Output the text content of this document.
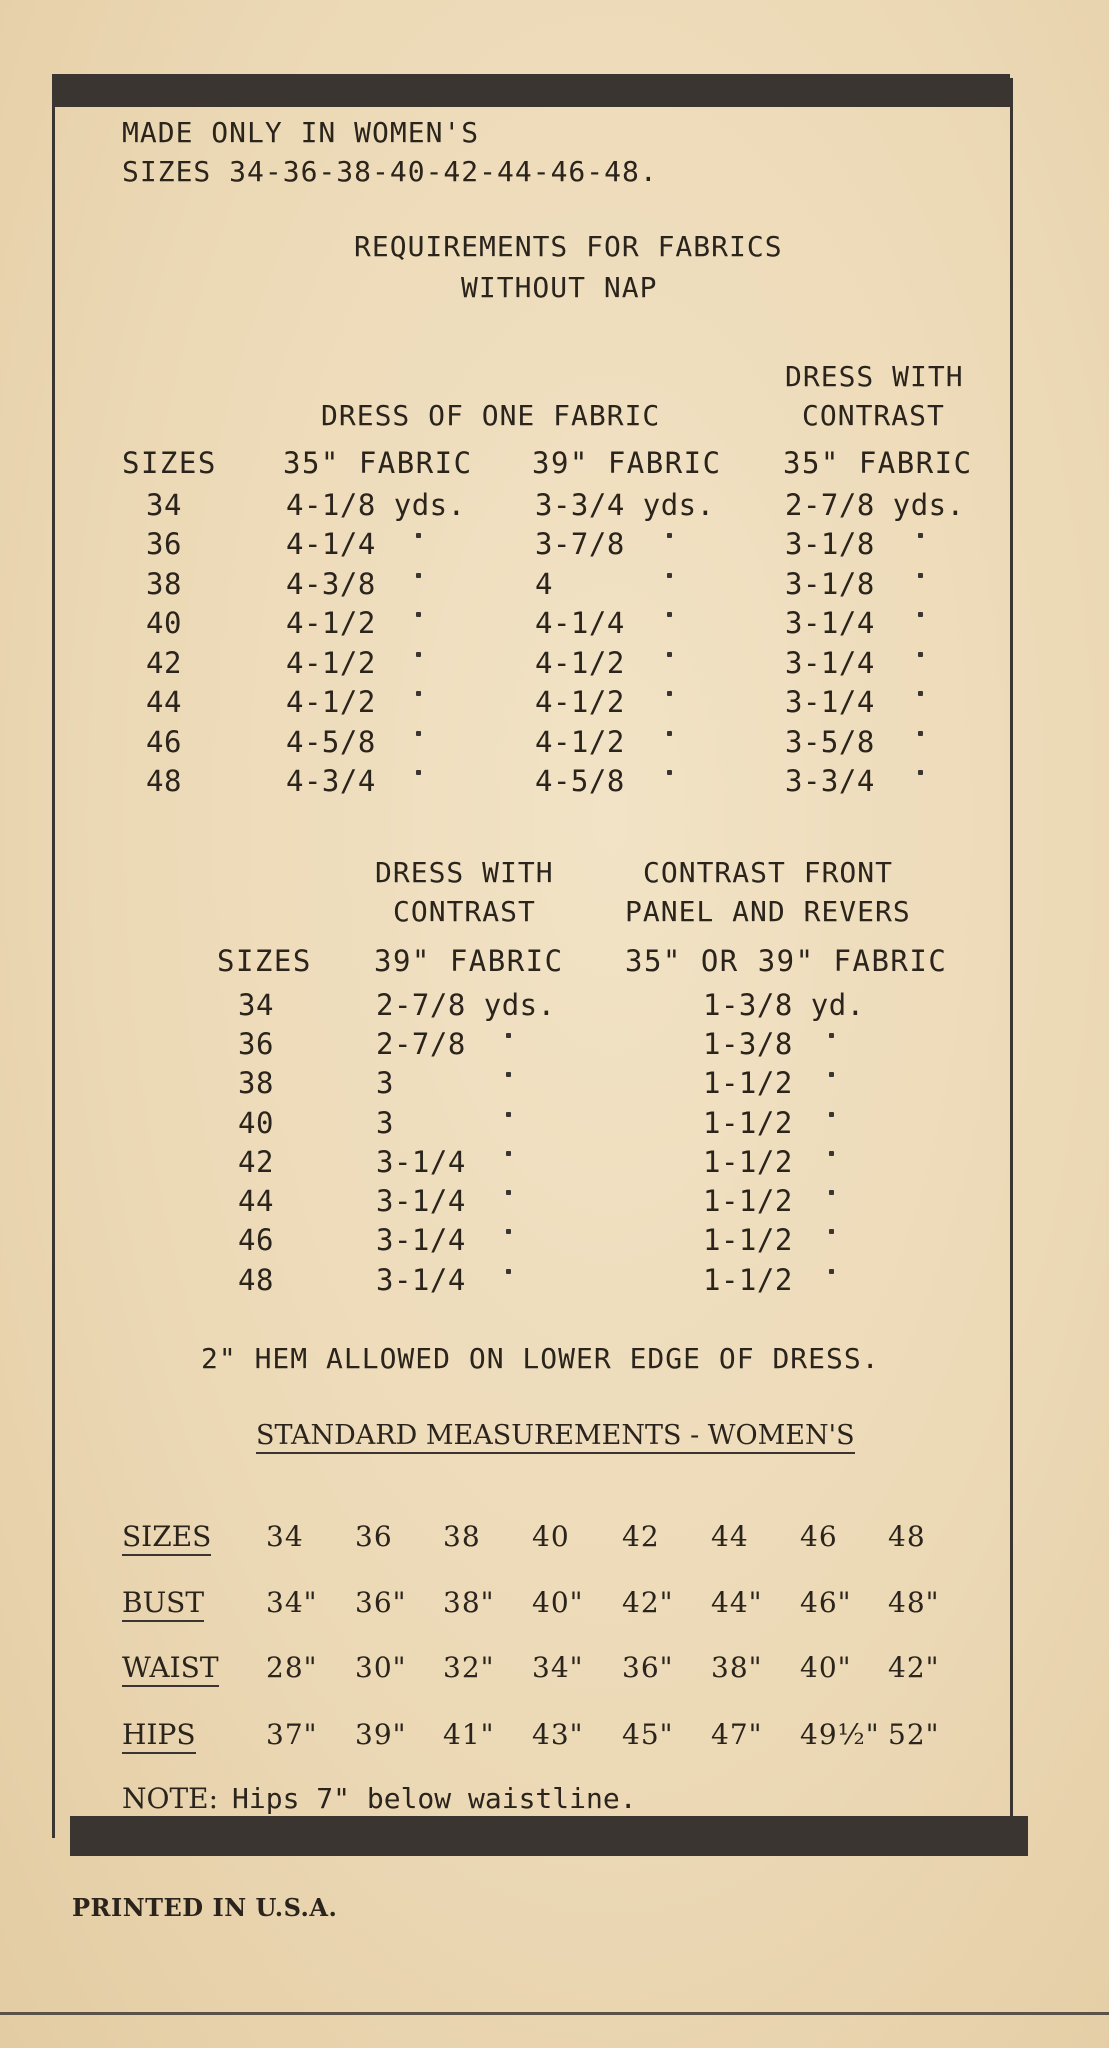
MADE ONLY IN WOMEN'S
SIZES 34-36-38-40-42-44-46-48.
REQUIREMENTS FOR FABRICS
WITHOUT NAP
DRESS WITH
DRESS OF ONE FABRIC	CONTRAST
SIZES 35" FABRIC 39" FABRIC 35" FABRIC
34	4-1/8 yds. 3-3/4 yds. 2-7/8 yds.
36	4-1/4	3-7/8	3-1/8
38	4-3/8	4	3-1/8
40	4-1/2	4-1/4	3-1/4
42	4-1/2	4-1/2	3-1/4
44	4-1/2	4-1/2	3-1/4
46	4-5/8	4-1/2	3-5/8
48	4-3/4	4-5/8	3-3/4
DRESS WITH	CONTRAST FRONT
CONTRAST	PANEL AND REVERS
SIZES 39" FABRIC 35" OR 39" FABRIC
34	2-7/8 yds.	1-3/8 yd.
36	2-7/8	1-3/8
38	3	1-1/2
40	3	1-1/2
42	3-1/4	1-1/2
44	3-1/4	1-1/2
46	3-1/4	1-1/2
48	3-1/4	1-1/2
2" HEM ALLOWED ON LOWER EDGE OF DRESS.
STANDARD MEASUREMENTS - WOMEN'S
SIZES 34 36 38 40 42 44 46 48
BUST 34" 36" 38" 40" 42" 44" 46" 48"
WAIST 28" 30" 32" 34" 36" 38" 40" 42"
HIPS	37" 39" 41" 43" 45" 47" 49½" 52"
NOTE: Hips 7" below waistline.
PRINTED IN U.S.A.
